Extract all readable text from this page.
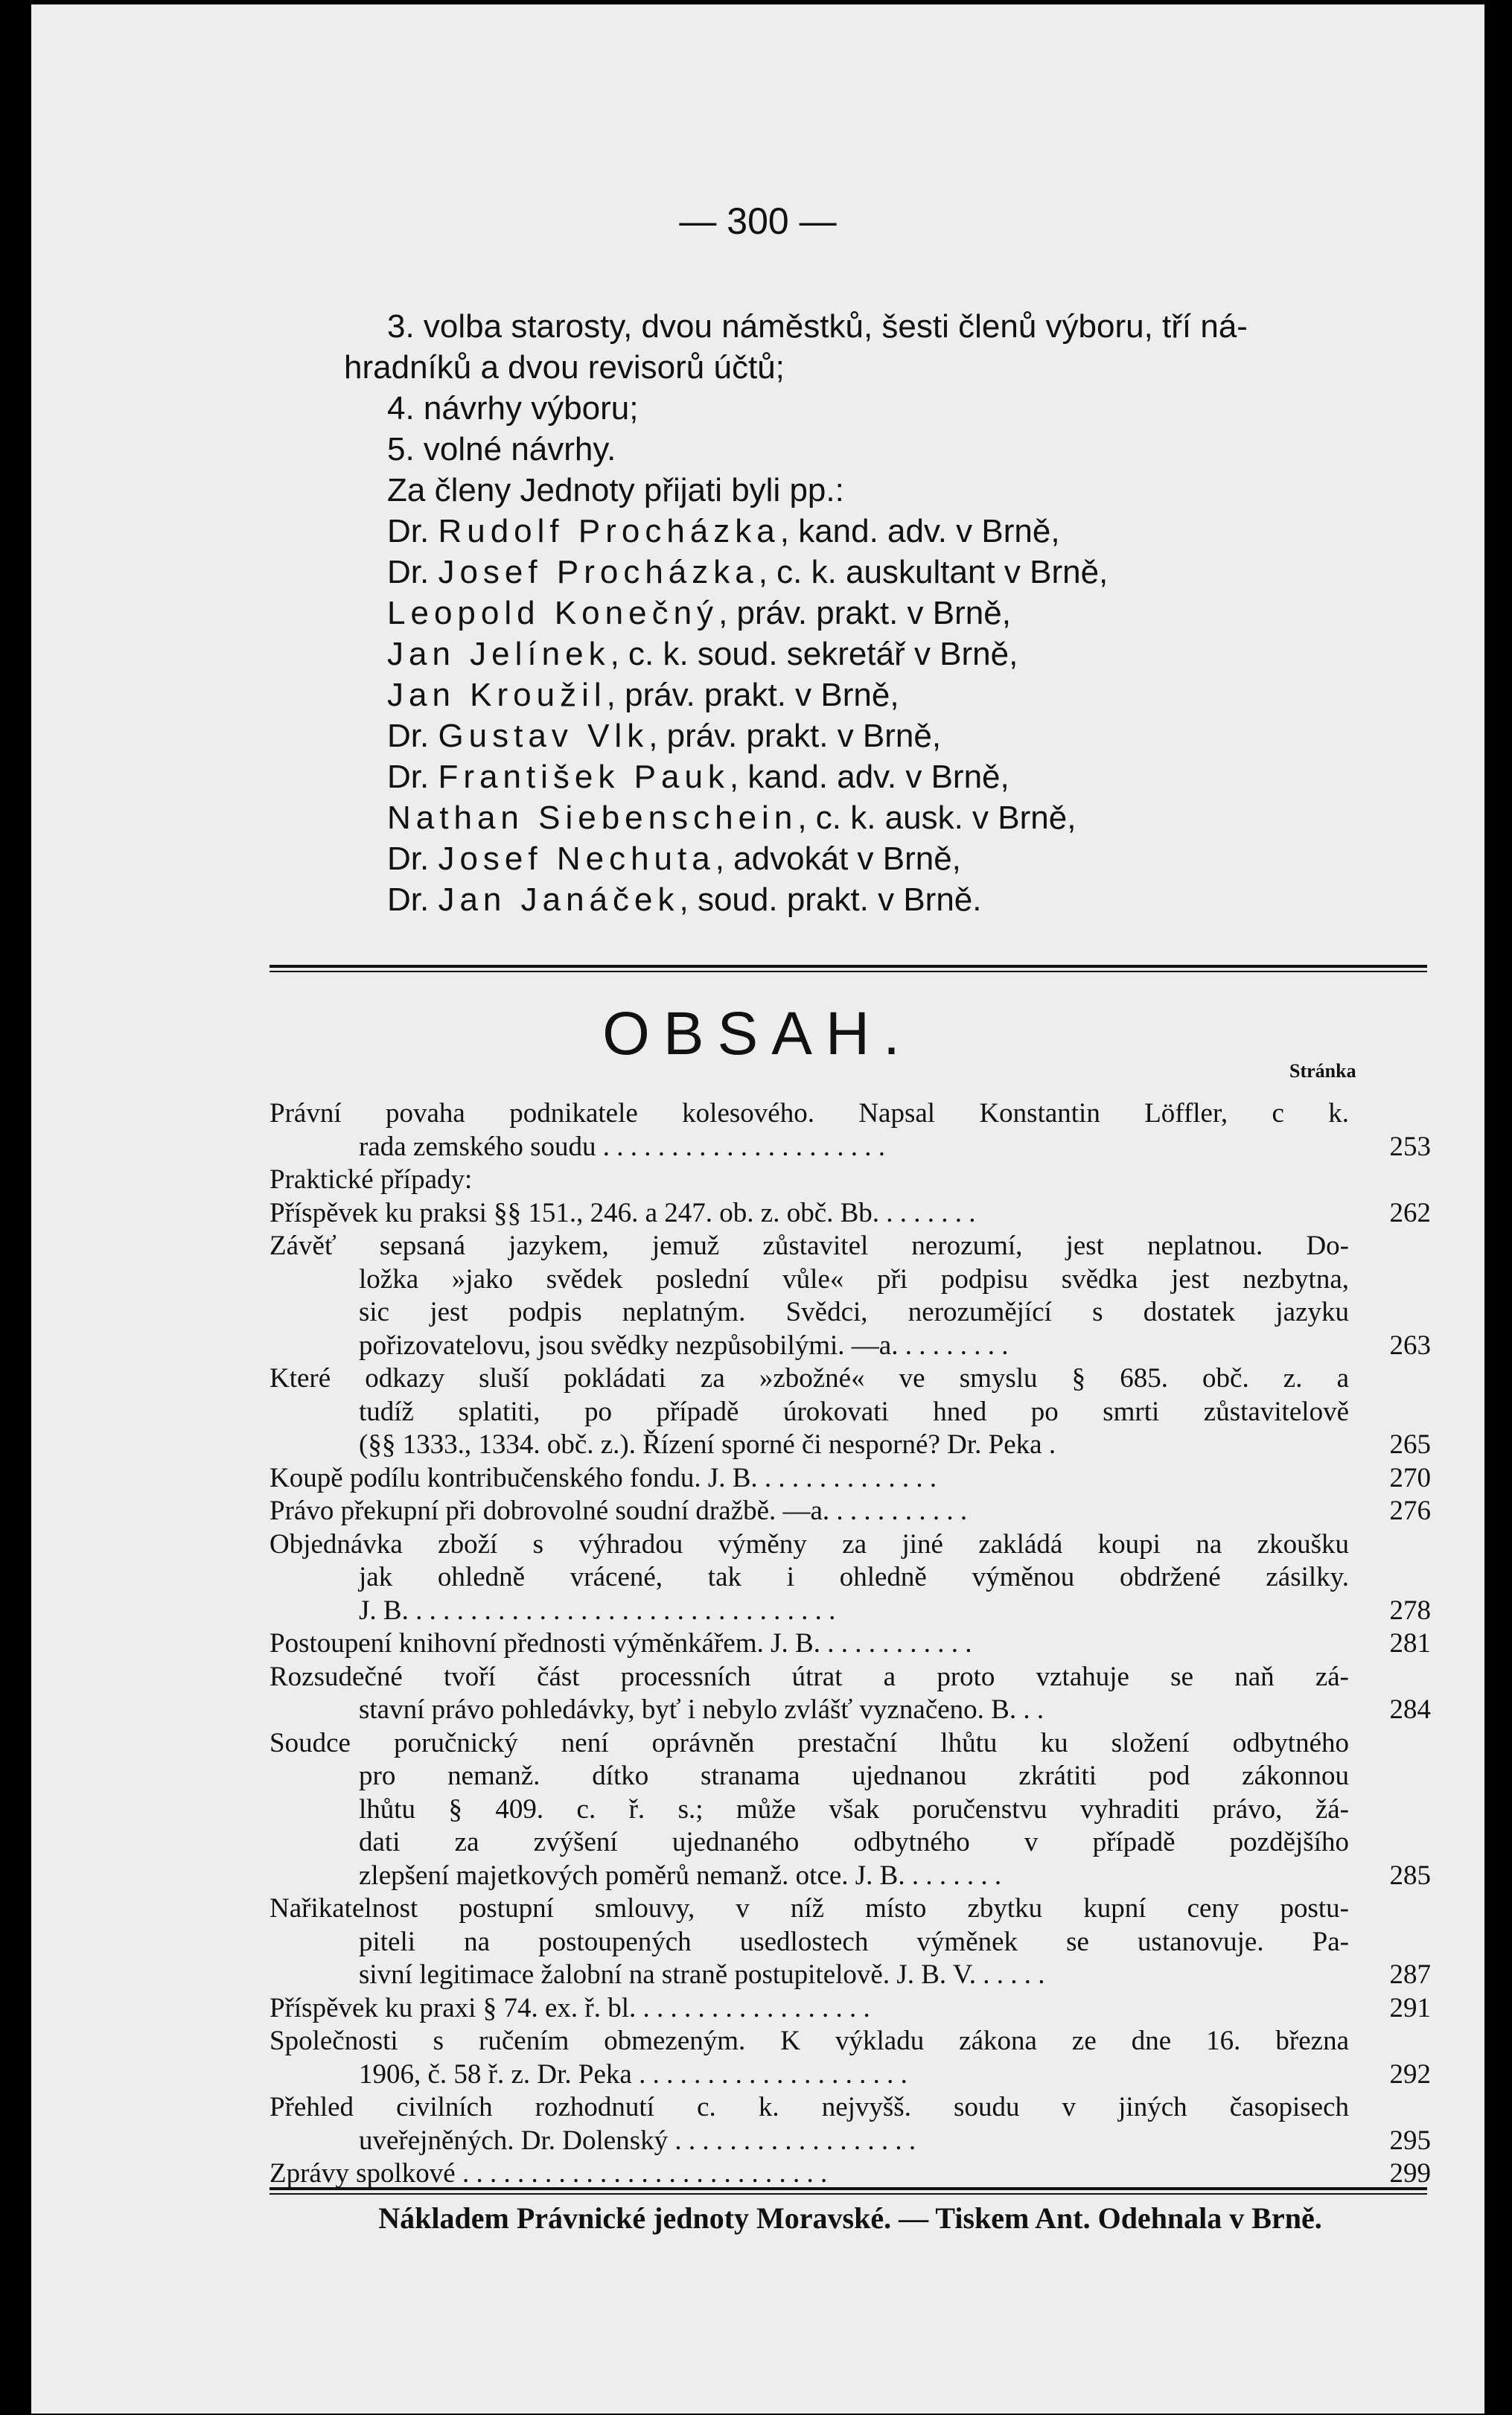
— 300 —

3. volba starosty, dvou náměstků, šesti členů výboru, tří ná-

hradníků a dvou revisorů účtů;

4. návrhy výboru;

5. volné návrhy.

Za členy Jednoty přijati byli pp.:

Dr. Rudolf Procházka, kand. adv. v Brně,

Dr. Josef Procházka, c. k. auskultant v Brně,

Leopold Konečný, práv. prakt. v Brně,

Jan Jelínek, c. k. soud. sekretář v Brně,

Jan Kroužil, práv. prakt. v Brně,

Dr. Gustav Vlk, práv. prakt. v Brně,

Dr. František Pauk, kand. adv. v Brně,

Nathan Siebenschein, c. k. ausk. v Brně,

Dr. Josef Nechuta, advokát v Brně,

Dr. Jan Janáček, soud. prakt. v Brně.

OBSAH.
Stránka
Právní povaha podnikatele kolesového. Napsal Konstantin Löffler, c k.
rada zemského soudu . . . . . . . . . . . . . . . . . . . . .	253
Praktické případy:
Příspěvek ku praksi §§ 151., 246. a 247. ob. z. obč. Bb. . . . . . . .	262
Závěť sepsaná jazykem, jemuž zůstavitel nerozumí, jest neplatnou. Do-
ložka »jako svědek poslední vůle« při podpisu svědka jest nezbytna,
sic jest podpis neplatným. Svědci, nerozumějící s dostatek jazyku
pořizovatelovu, jsou svědky nezpůsobilými. —a. . . . . . . . .	263
Které odkazy sluší pokládati za »zbožné« ve smyslu § 685. obč. z. a
tudíž splatiti, po případě úrokovati hned po smrti zůstavitelově
(§§ 1333., 1334. obč. z.). Řízení sporné či nesporné? Dr. Peka .	265
Koupě podílu kontribučenského fondu. J. B. . . . . . . . . . . . . .	270
Právo překupní při dobrovolné soudní dražbě. —a. . . . . . . . . . .	276
Objednávka zboží s výhradou výměny za jiné zakládá koupi na zkoušku
jak ohledně vrácené, tak i ohledně výměnou obdržené zásilky.
J. B. . . . . . . . . . . . . . . . . . . . . . . . . . . . . . . .	278
Postoupení knihovní přednosti výměnkářem. J. B. . . . . . . . . . . .	281
Rozsudečné tvoří část processních útrat a proto vztahuje se naň zá-
stavní právo pohledávky, byť i nebylo zvlášť vyznačeno. B. . .	284
Soudce poručnický není oprávněn prestační lhůtu ku složení odbytného
pro nemanž. dítko stranama ujednanou zkrátiti pod zákonnou
lhůtu § 409. c. ř. s.; může však poručenstvu vyhraditi právo, žá-
dati za zvýšení ujednaného odbytného v případě pozdějšího
zlepšení majetkových poměrů nemanž. otce. J. B. . . . . . . .	285
Nařikatelnost postupní smlouvy, v níž místo zbytku kupní ceny postu-
piteli na postoupených usedlostech výměnek se ustanovuje. Pa-
sivní legitimace žalobní na straně postupitelově. J. B. V. . . . . .	287
Příspěvek ku praxi § 74. ex. ř. bl. . . . . . . . . . . . . . . . . .	291
Společnosti s ručením obmezeným. K výkladu zákona ze dne 16. března
1906, č. 58 ř. z. Dr. Peka . . . . . . . . . . . . . . . . . . . .	292
Přehled civilních rozhodnutí c. k. nejvyšš. soudu v jiných časopisech
uveřejněných. Dr. Dolenský . . . . . . . . . . . . . . . . . .	295
Zprávy spolkové . . . . . . . . . . . . . . . . . . . . . . . . . . .	299
Nákladem Právnické jednoty Moravské. — Tiskem Ant. Odehnala v Brně.
